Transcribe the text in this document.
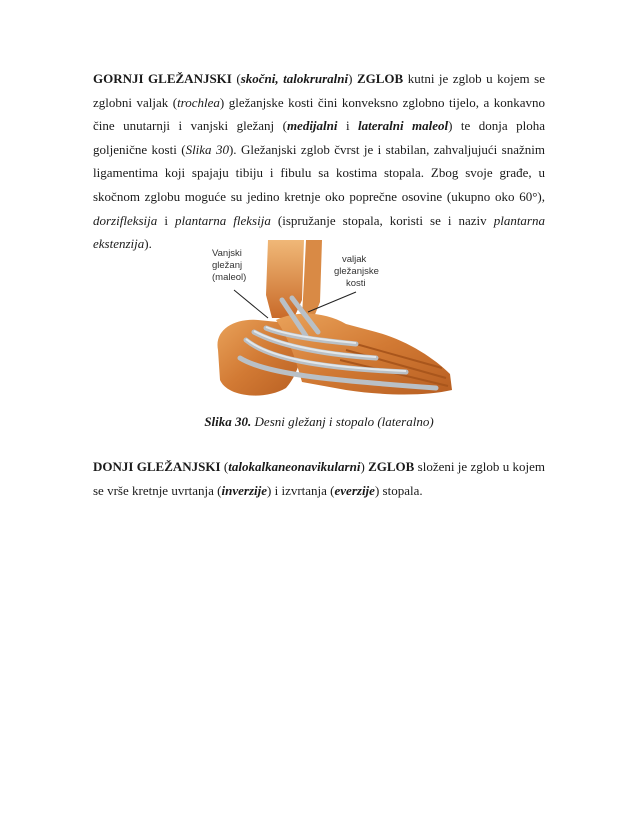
GORNJI GLEŽANJSKI (skočni, talokruralni) ZGLOB kutni je zglob u kojem se zglobni valjak (trochlea) gležanjske kosti čini konveksno zglobno tijelo, a konkavno čine unutarnji i vanjski gležanj (medijalni i lateralni maleol) te donja ploha goljenične kosti (Slika 30). Gležanjski zglob čvrst je i stabilan, zahvaljujući snažnim ligamentima koji spajaju tibiju i fibulu sa kostima stopala. Zbog svoje građe, u skočnom zglobu moguće su jedino kretnje oko poprečne osovine (ukupno oko 60°), dorzifleksija i plantarna fleksija (ispružanje stopala, koristi se i naziv plantarna ekstenzija).

Vanjski gležanj (maleol)
valjak gležanjske kosti
Slika 30. Desni gležanj i stopalo (lateralno)

DONJI GLEŽANJSKI (talokalkaneonavikularni) ZGLOB složeni je zglob u kojem se vrše kretnje uvrtanja (inverzije) i izvrtanja (everzije) stopala.
